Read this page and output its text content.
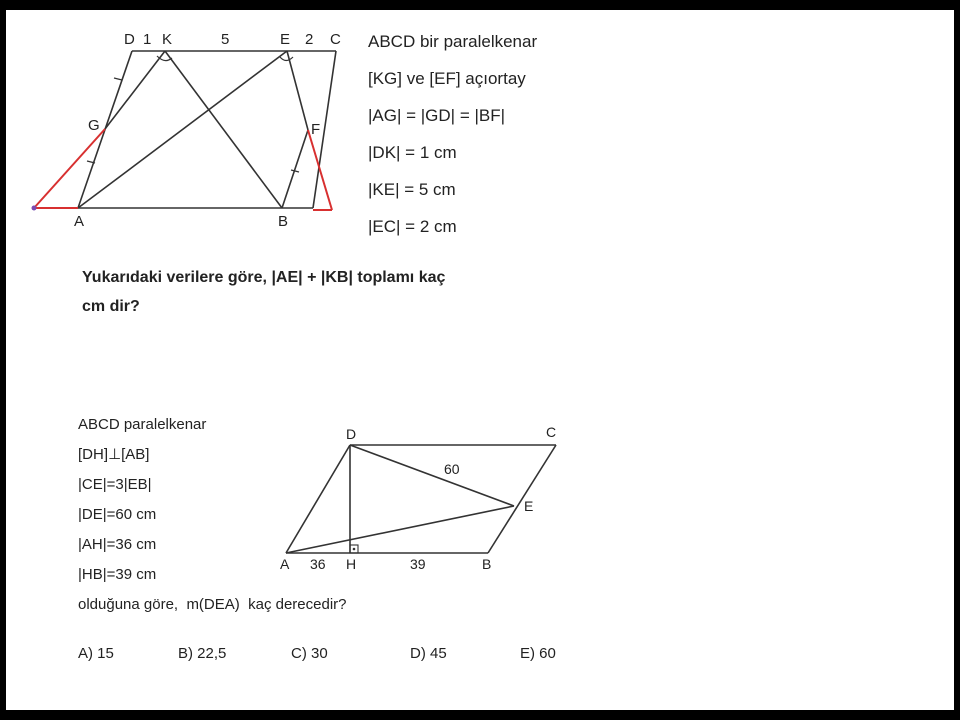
D 1 K	5	E 2 C
G	F
A	B
ABCD bir paralelkenar
[KG] ve [EF] açıortay
|AG| = |GD| = |BF|
|DK| = 1 cm
|KE| = 5 cm
|EC| = 2 cm
Yukarıdaki verilere göre, |AE| + |KB| toplamı kaç
cm dir?
ABCD paralelkenar
[DH]⊥[AB]
|CE|=3|EB|
|DE|=60 cm
|AH|=36 cm
|HB|=39 cm
D	C
E
60
A 36 H	39	B
olduğuna göre, m(DEA) kaç derecedir?
A) 15	B) 22,5	C) 30	D) 45	E) 60
